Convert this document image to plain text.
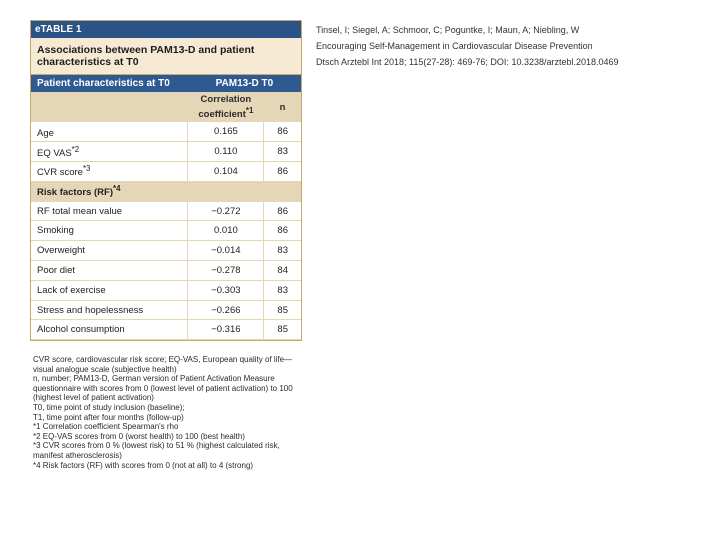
eTABLE 1
Associations between PAM13-D and patient characteristics at T0
Patient characteristics at T0	PAM13-D T0	
	Correlation coefficient$^{*1}$	n
Age	0.165	86
EQ VAS$^{*2}$	0.110	83
CVR score$^{*3}$	0.104	86
Risk factors (RF)$^{*4}$
RF total mean value	−0.272	86
Smoking	0.010	86
Overweight	−0.014	83
Poor diet	−0.278	84
Lack of exercise	−0.303	83
Stress and hopelessness	−0.266	85
Alcohol consumption	−0.316	85
CVR score, cardiovascular risk score; EQ-VAS, European quality of life—visual analogue scale (subjective health)
n, number; PAM13-D, German version of Patient Activation Measure questionnaire with scores from 0 (lowest level of patient activation) to 100 (highest level of patient activation)
T0, time point of study inclusion (baseline);
T1, time point after four months (follow-up)
*1 Correlation coefficient Spearman's rho
*2 EQ-VAS scores from 0 (worst health) to 100 (best health)
*3 CVR scores from 0 % (lowest risk) to 51 % (highest calculated risk, manifest atherosclerosis)
*4 Risk factors (RF) with scores from 0 (not at all) to 4 (strong)
Tinsel, I; Siegel, A; Schmoor, C; Poguntke, I; Maun, A; Niebling, W
Encouraging Self-Management in Cardiovascular Disease Prevention
Dtsch Arztebl Int 2018; 115(27-28): 469-76; DOI: 10.3238/arztebl.2018.0469
